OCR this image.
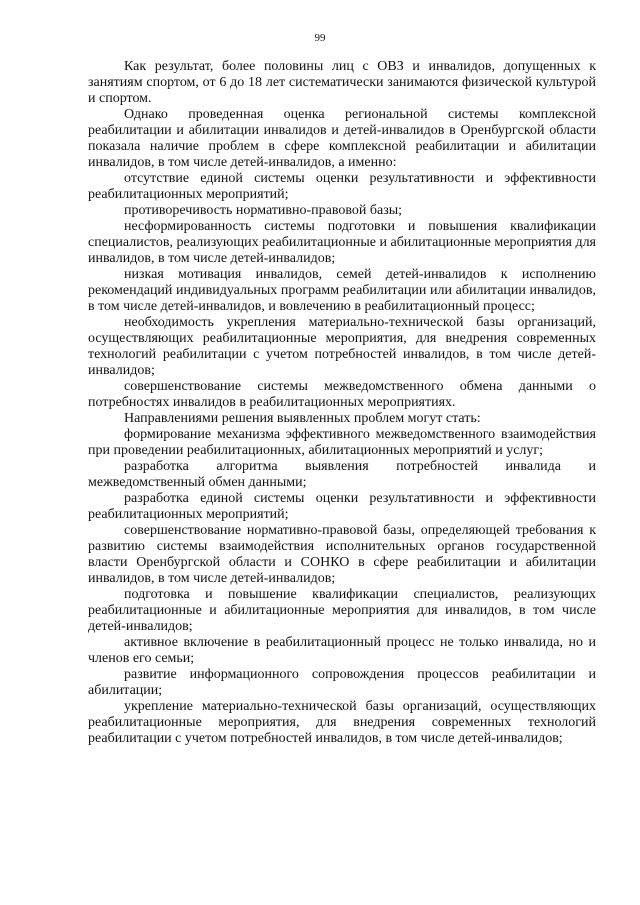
99

Как результат, более половины лиц с ОВЗ и инвалидов, допущенных к занятиям спортом, от 6 до 18 лет систематически занимаются физической культурой и спортом.

Однако проведенная оценка региональной системы комплексной реабилитации и абилитации инвалидов и детей-инвалидов в Оренбургской области показала наличие проблем в сфере комплексной реабилитации и абилитации инвалидов, в том числе детей-инвалидов, а именно:

отсутствие единой системы оценки результативности и эффективности реабилитационных мероприятий;

противоречивость нормативно-правовой базы;

несформированность системы подготовки и повышения квалификации специалистов, реализующих реабилитационные и абилитационные мероприятия для инвалидов, в том числе детей-инвалидов;

низкая мотивация инвалидов, семей детей-инвалидов к исполнению рекомендаций индивидуальных программ реабилитации или абилитации инвалидов, в том числе детей-инвалидов, и вовлечению в реабилитационный процесс;

необходимость укрепления материально-технической базы организаций, осуществляющих реабилитационные мероприятия, для внедрения современных технологий реабилитации с учетом потребностей инвалидов, в том числе детей-инвалидов;

совершенствование системы межведомственного обмена данными о потребностях инвалидов в реабилитационных мероприятиях.

Направлениями решения выявленных проблем могут стать:

формирование механизма эффективного межведомственного взаимодействия при проведении реабилитационных, абилитационных мероприятий и услуг;

разработка алгоритма выявления потребностей инвалида и межведомственный обмен данными;

разработка единой системы оценки результативности и эффективности реабилитационных мероприятий;

совершенствование нормативно-правовой базы, определяющей требования к развитию системы взаимодействия исполнительных органов государственной власти Оренбургской области и СОНКО в сфере реабилитации и абилитации инвалидов, в том числе детей-инвалидов;

подготовка и повышение квалификации специалистов, реализующих реабилитационные и абилитационные мероприятия для инвалидов, в том числе детей-инвалидов;

активное включение в реабилитационный процесс не только инвалида, но и членов его семьи;

развитие информационного сопровождения процессов реабилитации и абилитации;

укрепление материально-технической базы организаций, осуществляющих реабилитационные мероприятия, для внедрения современных технологий реабилитации с учетом потребностей инвалидов, в том числе детей-инвалидов;
